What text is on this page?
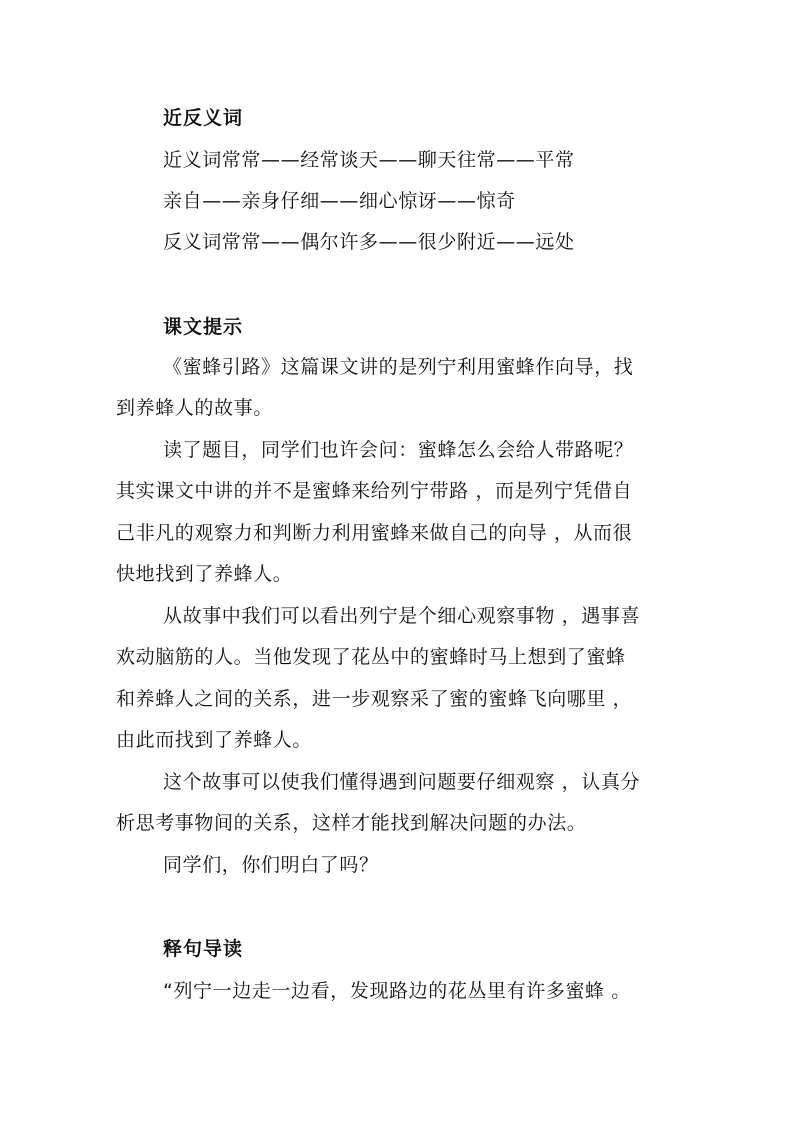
近反义词
近义词常常——经常谈天——聊天往常——平常
亲自——亲身仔细——细心惊讶——惊奇
反义词常常——偶尔许多——很少附近——远处
课文提示
《蜜蜂引路》这篇课文讲的是列宁利用蜜蜂作向导，找
到养蜂人的故事。
读了题目，同学们也许会问：蜜蜂怎么会给人带路呢？
其实课文中讲的并不是蜜蜂来给列宁带路 ，而是列宁凭借自
己非凡的观察力和判断力利用蜜蜂来做自己的向导 ，从而很
快地找到了养蜂人。
从故事中我们可以看出列宁是个细心观察事物 ，遇事喜
欢动脑筋的人。当他发现了花丛中的蜜蜂时马上想到了蜜蜂
和养蜂人之间的关系，进一步观察采了蜜的蜜蜂飞向哪里 ，
由此而找到了养蜂人。
这个故事可以使我们懂得遇到问题要仔细观察 ，认真分
析思考事物间的关系，这样才能找到解决问题的办法。
同学们，你们明白了吗？
释句导读
“列宁一边走一边看，发现路边的花丛里有许多蜜蜂 。
